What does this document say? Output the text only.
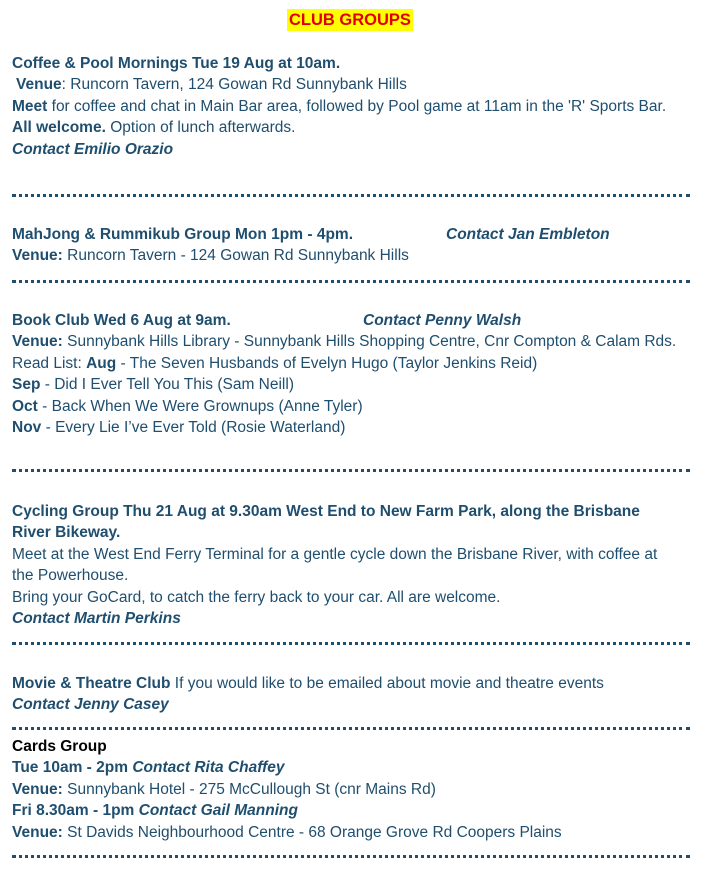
CLUB GROUPS
Coffee & Pool Mornings Tue 19 Aug at 10am.
Venue: Runcorn Tavern, 124 Gowan Rd Sunnybank Hills
Meet for coffee and chat in Main Bar area, followed by Pool game at 11am in the 'R' Sports Bar.
All welcome. Option of lunch afterwards.
Contact Emilio Orazio
MahJong & Rummikub Group Mon 1pm - 4pm.	Contact Jan Embleton
Venue: Runcorn Tavern - 124 Gowan Rd Sunnybank Hills
Book Club Wed 6 Aug at 9am.	Contact Penny Walsh
Venue: Sunnybank Hills Library - Sunnybank Hills Shopping Centre, Cnr Compton & Calam Rds.
Read List: Aug - The Seven Husbands of Evelyn Hugo (Taylor Jenkins Reid)
Sep - Did I Ever Tell You This (Sam Neill)
Oct - Back When We Were Grownups (Anne Tyler)
Nov - Every Lie I’ve Ever Told (Rosie Waterland)
Cycling Group Thu 21 Aug at 9.30am West End to New Farm Park, along the Brisbane River Bikeway.
Meet at the West End Ferry Terminal for a gentle cycle down the Brisbane River, with coffee at the Powerhouse.
Bring your GoCard, to catch the ferry back to your car. All are welcome.
Contact Martin Perkins
Movie & Theatre Club If you would like to be emailed about movie and theatre events
Contact Jenny Casey
Cards Group
Tue 10am - 2pm Contact Rita Chaffey
Venue: Sunnybank Hotel - 275 McCullough St (cnr Mains Rd)
Fri 8.30am - 1pm Contact Gail Manning
Venue: St Davids Neighbourhood Centre - 68 Orange Grove Rd Coopers Plains
